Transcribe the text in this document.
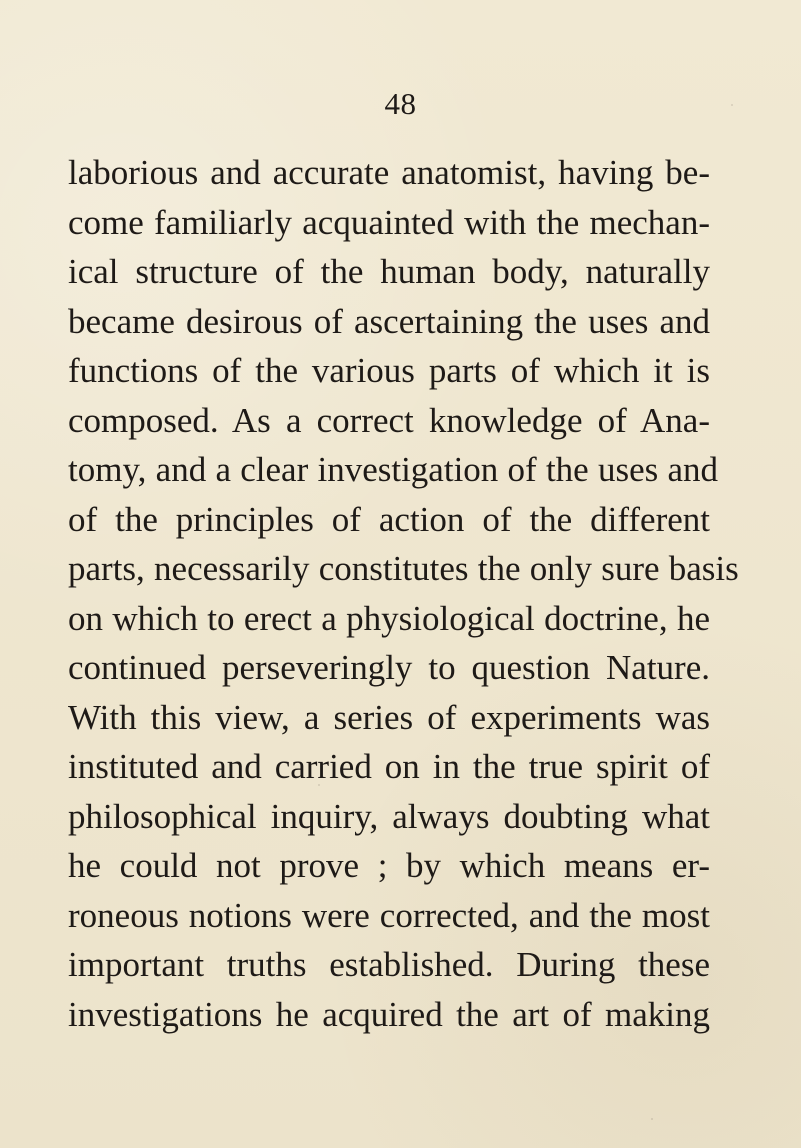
48
laborious and accurate anatomist, having be-
come familiarly acquainted with the mechan-
ical structure of the human body, naturally
became desirous of ascertaining the uses and
functions of the various parts of which it is
composed. As a correct knowledge of Ana-
tomy, and a clear investigation of the uses and
of the principles of action of the different
parts, necessarily constitutes the only sure basis
on which to erect a physiological doctrine, he
continued perseveringly to question Nature.
With this view, a series of experiments was
instituted and carried on in the true spirit of
philosophical inquiry, always doubting what
he could not prove ; by which means er-
roneous notions were corrected, and the most
important truths established. During these
investigations he acquired the art of making
